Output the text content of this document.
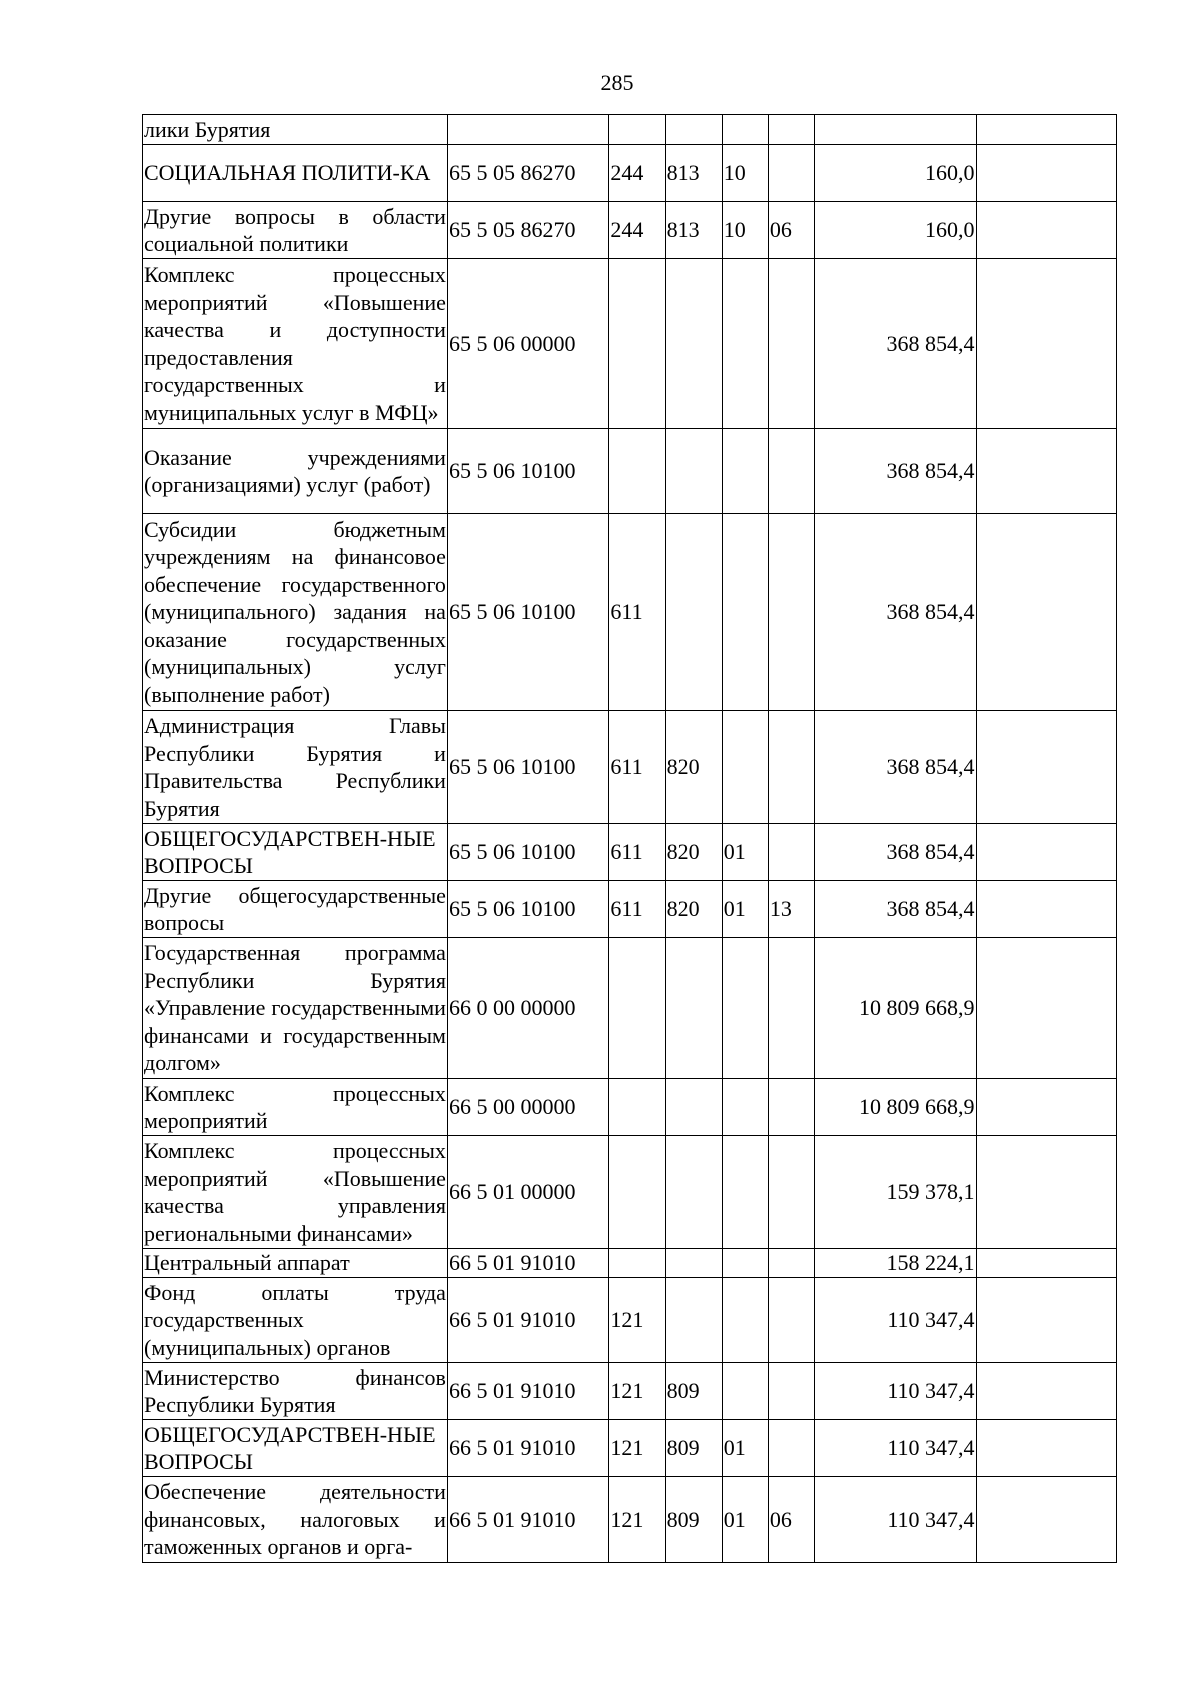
285
лики Бурятия							
СОЦИАЛЬНАЯ ПОЛИТИ-КА	65 5 05 86270	244	813	10		160,0	
Другие вопросы в области социальной политики	65 5 05 86270	244	813	10	06	160,0	
Комплекс процессных мероприятий «Повышение качества и доступности предоставления государственных и муниципальных услуг в МФЦ»	65 5 06 00000					368 854,4	
Оказание учреждениями (организациями) услуг (работ)	65 5 06 10100					368 854,4	
Субсидии бюджетным учреждениям на финансовое обеспечение государственного (муниципального) задания на оказание государственных (муниципальных) услуг (выполнение работ)	65 5 06 10100	611				368 854,4	
Администрация Главы Республики Бурятия и Правительства Республики Бурятия	65 5 06 10100	611	820			368 854,4	
ОБЩЕГОСУДАРСТВЕН-НЫЕ ВОПРОСЫ	65 5 06 10100	611	820	01		368 854,4	
Другие общегосударственные вопросы	65 5 06 10100	611	820	01	13	368 854,4	
Государственная программа Республики Бурятия «Управление государственными финансами и государственным долгом»	66 0 00 00000					10 809 668,9	
Комплекс процессных мероприятий	66 5 00 00000					10 809 668,9	
Комплекс процессных мероприятий «Повышение качества управления региональными финансами»	66 5 01 00000					159 378,1	
Центральный аппарат	66 5 01 91010					158 224,1	
Фонд оплаты труда государственных (муниципальных) органов	66 5 01 91010	121				110 347,4	
Министерство финансов Республики Бурятия	66 5 01 91010	121	809			110 347,4	
ОБЩЕГОСУДАРСТВЕН-НЫЕ ВОПРОСЫ	66 5 01 91010	121	809	01		110 347,4	
Обеспечение деятельности финансовых, налоговых и таможенных органов и орга-	66 5 01 91010	121	809	01	06	110 347,4	
